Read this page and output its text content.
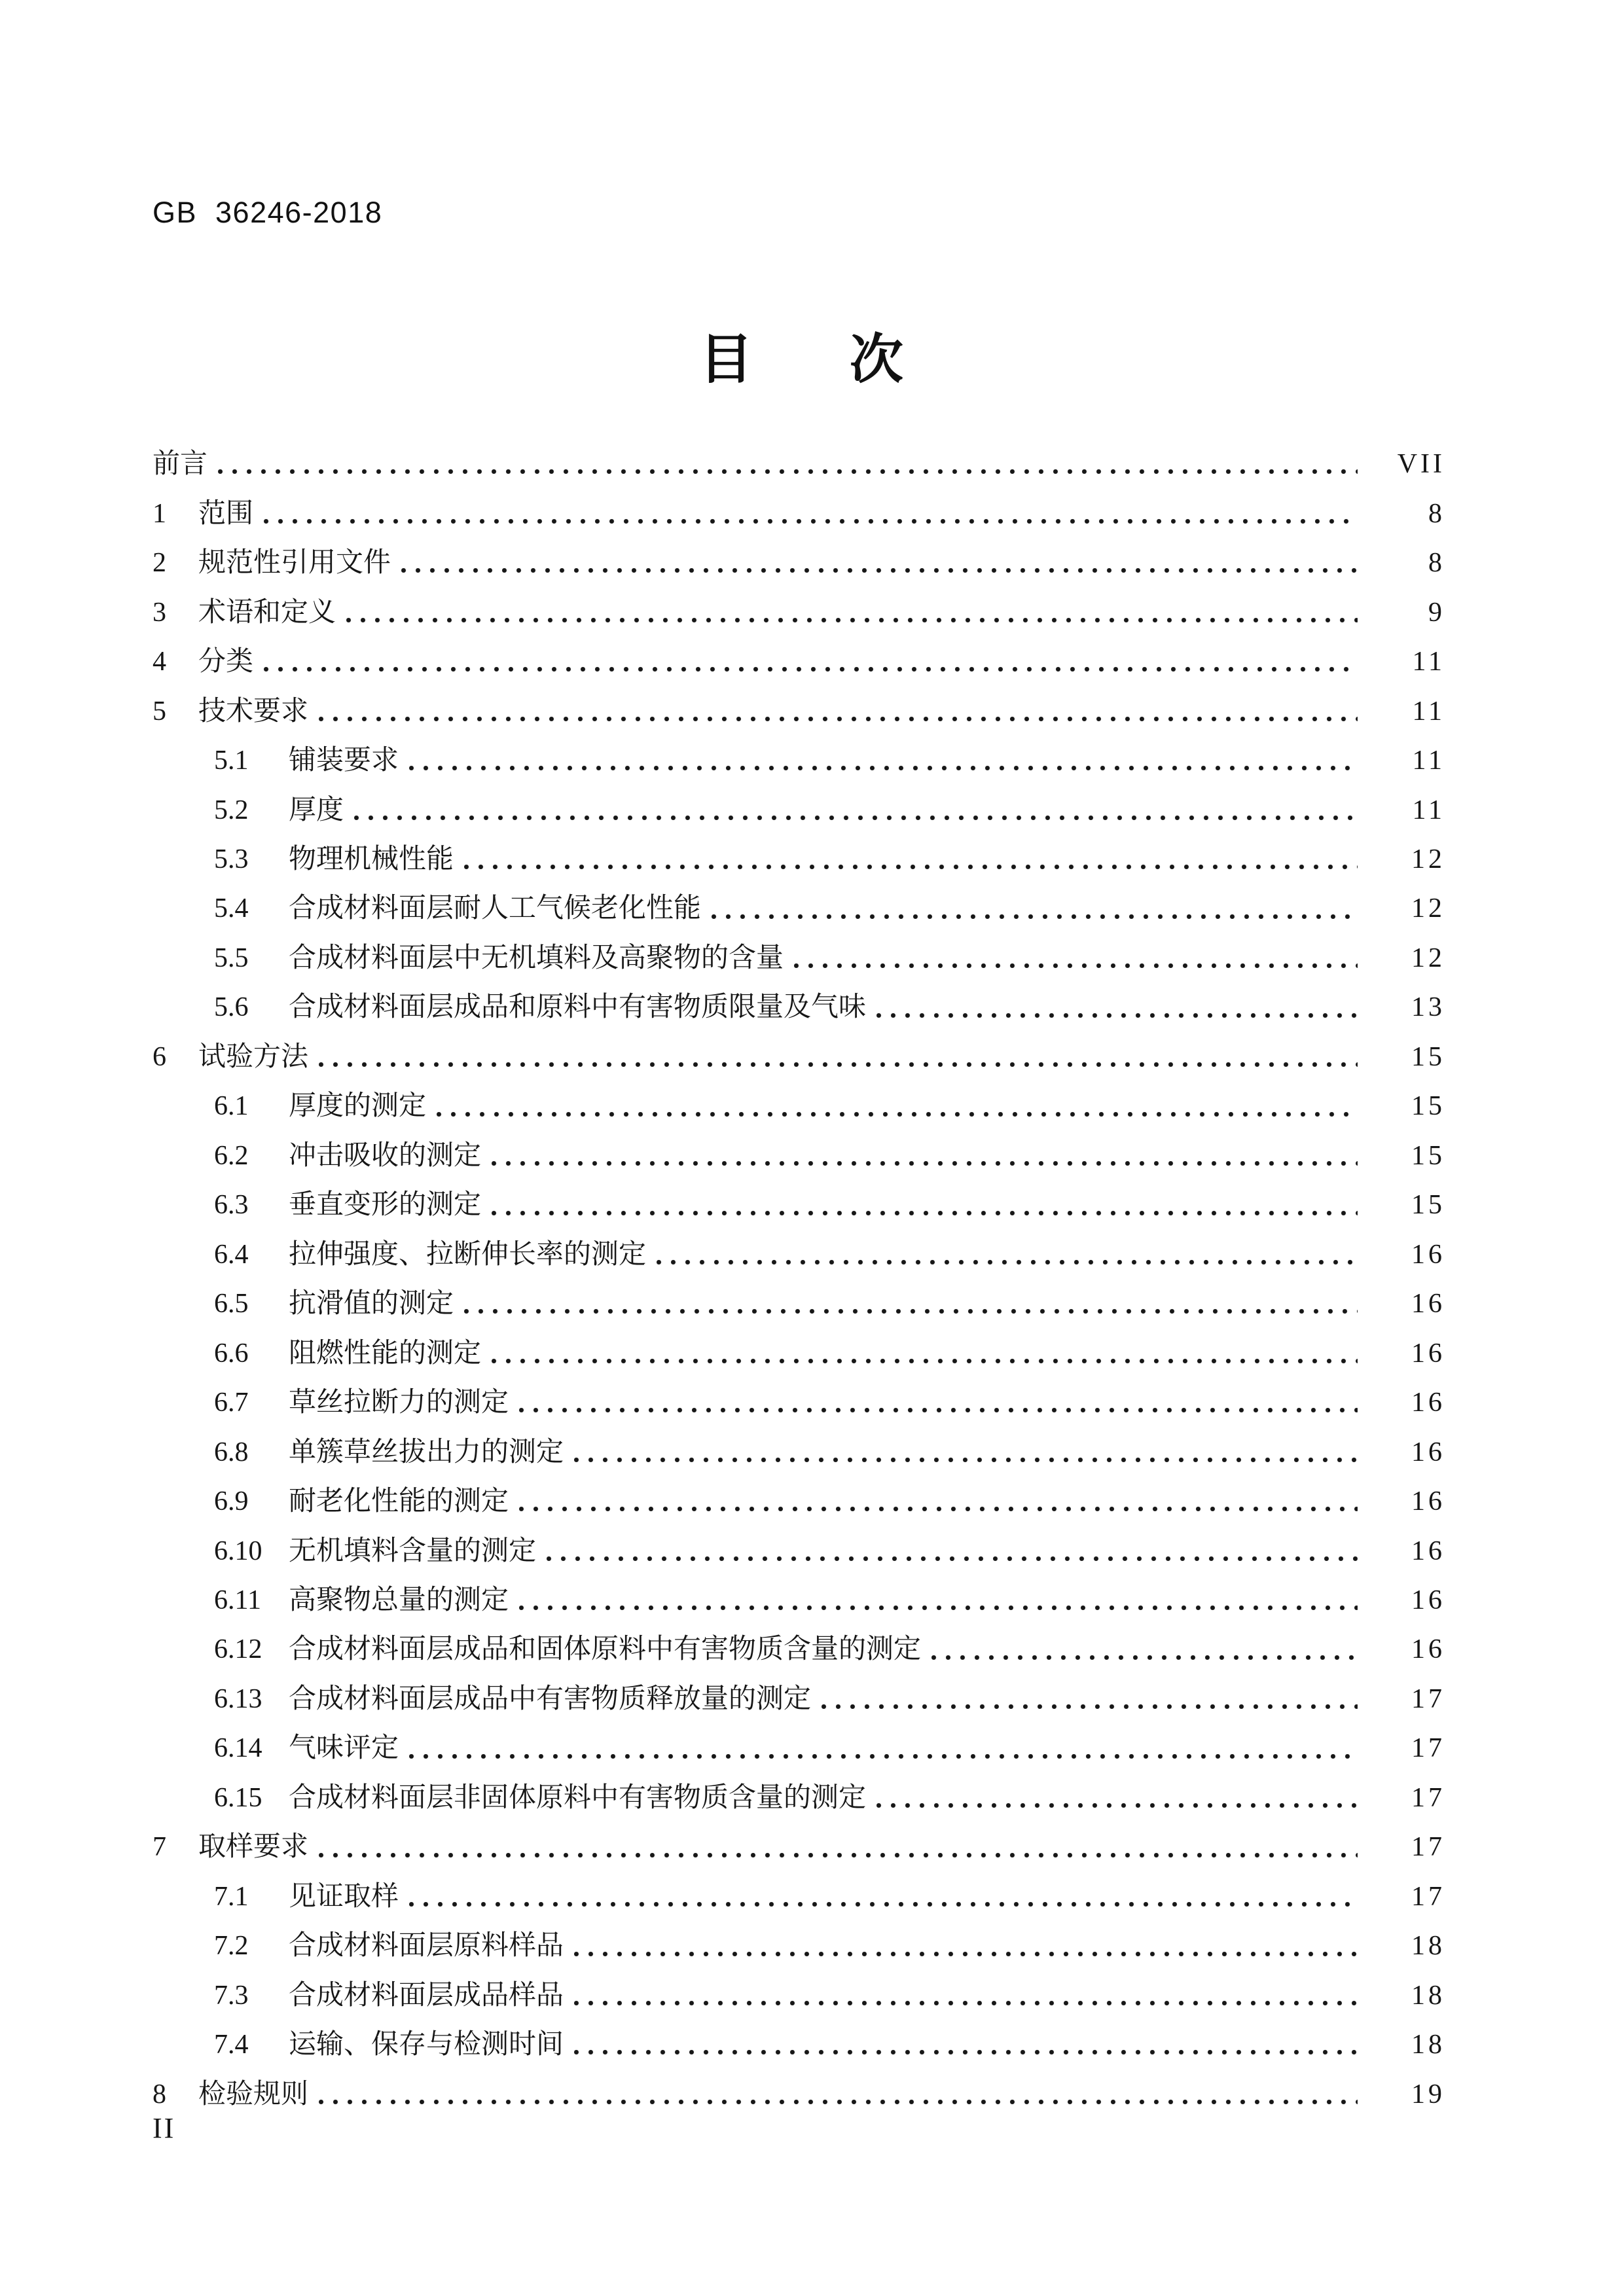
GB 36246-2018
目　次
前言	VII
1	范围	8
2	规范性引用文件	8
3	术语和定义	9
4	分类	11
5	技术要求	11
5.1	铺装要求	11
5.2	厚度	11
5.3	物理机械性能	12
5.4	合成材料面层耐人工气候老化性能	12
5.5	合成材料面层中无机填料及高聚物的含量	12
5.6	合成材料面层成品和原料中有害物质限量及气味	13
6	试验方法	15
6.1	厚度的测定	15
6.2	冲击吸收的测定	15
6.3	垂直变形的测定	15
6.4	拉伸强度、拉断伸长率的测定	16
6.5	抗滑值的测定	16
6.6	阻燃性能的测定	16
6.7	草丝拉断力的测定	16
6.8	单簇草丝拔出力的测定	16
6.9	耐老化性能的测定	16
6.10 无机填料含量的测定	16
6.11	高聚物总量的测定	16
6.12 合成材料面层成品和固体原料中有害物质含量的测定	16
6.13 合成材料面层成品中有害物质释放量的测定	17
6.14 气味评定	17
6.15 合成材料面层非固体原料中有害物质含量的测定	17
7	取样要求	17
7.1	见证取样	17
7.2	合成材料面层原料样品	18
7.3	合成材料面层成品样品	18
7.4	运输、保存与检测时间	18
8	检验规则	19
II
